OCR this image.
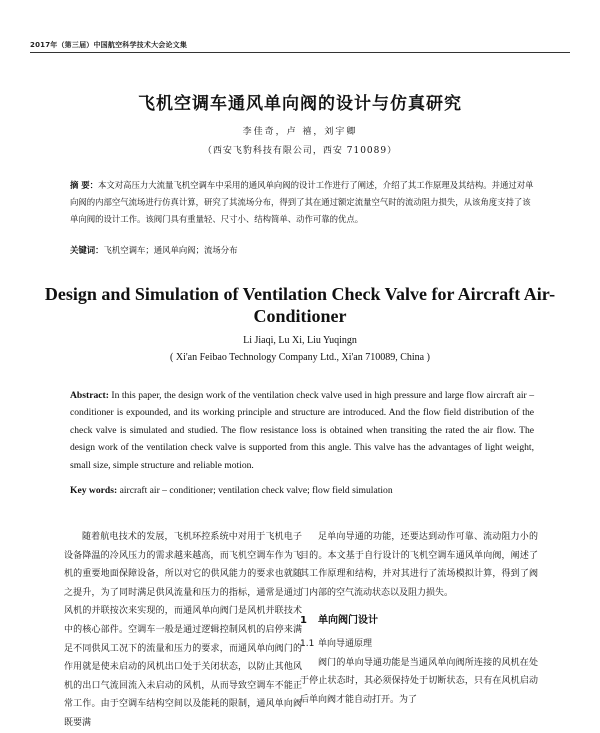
2017年（第三届）中国航空科学技术大会论文集
飞机空调车通风单向阀的设计与仿真研究
李佳奇，卢 禧，刘宇卿
（西安飞豹科技有限公司，西安 710089）

摘 要：本文对高压力大流量飞机空调车中采用的通风单向阀的设计工作进行了阐述，介绍了其工作原理及其结构。并通过对单向阀的内部空气流场进行仿真计算，研究了其流场分布，得到了其在通过额定流量空气时的流动阻力损失，从该角度支持了该单向阀的设计工作。该阀门具有重量轻、尺寸小、结构简单、动作可靠的优点。

关键词：飞机空调车；通风单向阀；流场分布

Design and Simulation of Ventilation Check Valve for Aircraft Air-Conditioner
Li Jiaqi, Lu Xi, Liu Yuqingn
( Xi'an Feibao Technology Company Ltd., Xi'an 710089, China )

Abstract: In this paper, the design work of the ventilation check valve used in high pressure and large flow aircraft air – conditioner is expounded, and its working principle and structure are introduced. And the flow field distribution of the check valve is simulated and studied. The flow resistance loss is obtained when transiting the rated the air flow. The design work of the ventilation check valve is supported from this angle. This valve has the advantages of light weight, small size, simple structure and reliable motion.

Key words: aircraft air – conditioner; ventilation check valve; flow field simulation

随着航电技术的发展，飞机环控系统中对用于飞机电子设备降温的冷风压力的需求越来越高，而飞机空调车作为飞机的重要地面保障设备，所以对它的供风能力的要求也就随之提升，为了同时满足供风流量和压力的指标，通常是通过风机的并联按次来实现的，而通风单向阀门是风机并联技术中的核心部件。空调车一般是通过逻辑控制风机的启停来满足不同供风工况下的流量和压力的要求，而通风单向阀门的作用就是使未启动的风机出口处于关闭状态，以防止其他风机的出口气流回流入未启动的风机，从而导致空调车不能正常工作。由于空调车结构空间以及能耗的限制，通风单向阀既要满

足单向导通的功能，还要达到动作可靠、流动阻力小的目的。本文基于自行设计的飞机空调车通风单向阀，阐述了其工作原理和结构，并对其进行了流场模拟计算，得到了阀门内部的空气流动状态以及阻力损失。

1 单向阀门设计
1.1 单向导通原理

阀门的单向导通功能是当通风单向阀所连接的风机在处于停止状态时，其必须保持处于切断状态，只有在风机启动后单向阀才能自动打开。为了
